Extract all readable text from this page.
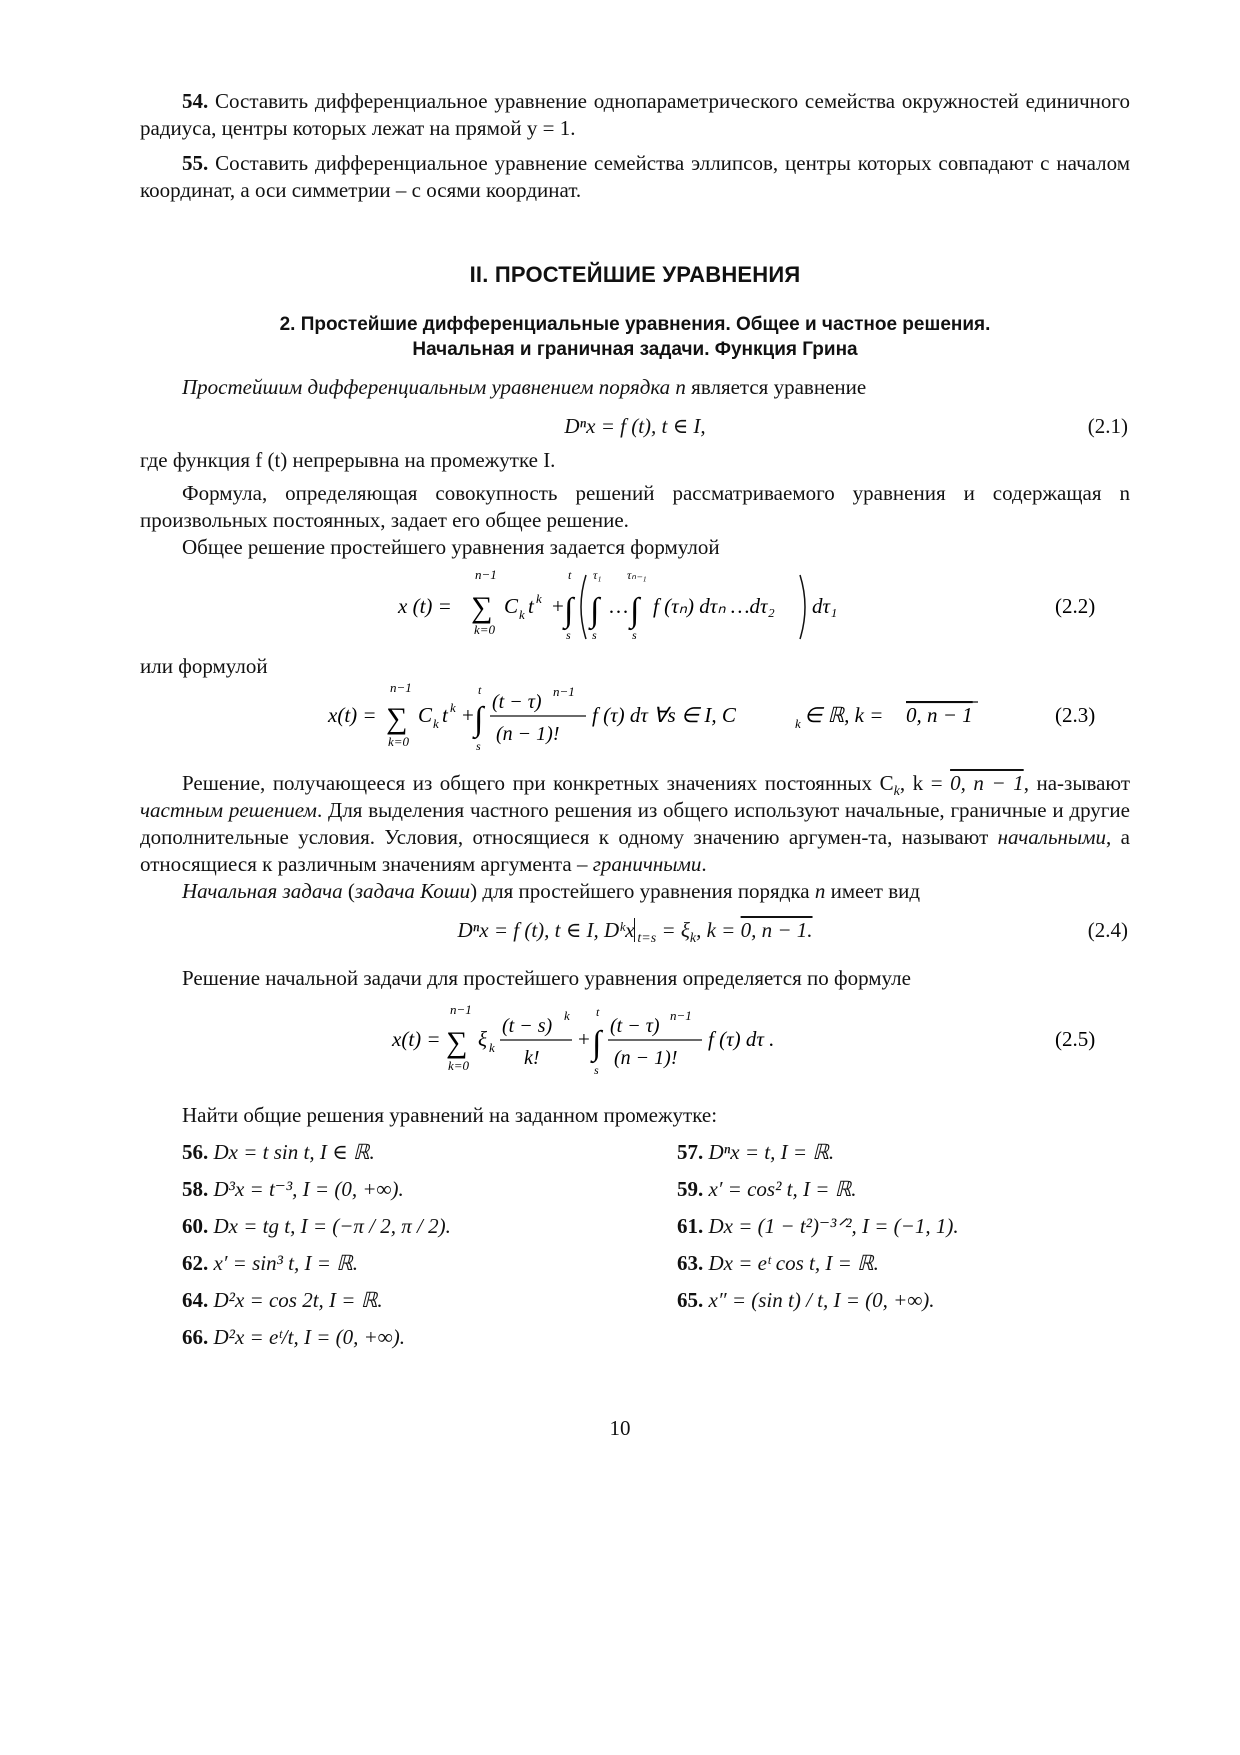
54. Составить дифференциальное уравнение однопараметрического семейства окружностей единичного радиуса, центры которых лежат на прямой y = 1.

55. Составить дифференциальное уравнение семейства эллипсов, центры которых совпадают с началом координат, а оси симметрии – с осями координат.

II. ПРОСТЕЙШИЕ УРАВНЕНИЯ
2. Простейшие дифференциальные уравнения. Общее и частное решения.
Начальная и граничная задачи. Функция Грина

Простейшим дифференциальным уравнением порядка n является уравнение

Dⁿx = f (t), t ∈ I,	(2.1)

где функция f (t) непрерывна на промежутке I.

Формула, определяющая совокупность решений рассматриваемого уравнения и содержащая n произвольных постоянных, задает его общее решение.

Общее решение простейшего уравнения задается формулой

x (t) =
n−1
∑
k=0
C k t k +
t
∫
s
τ₁
∫
s
…
τₙ₋₁
∫
s
f (τₙ) dτₙ …dτ₂ dτ₁	(2.2)

или формулой

x(t) =
n−1
∑
k=0
C k t k +
t
∫
s
(t − τ) n−1
(n − 1)!
f (τ) dτ ∀s ∈ I, C	k ∈ ℝ, k = 0, n − 1	(2.3)

Решение, получающееся из общего при конкретных значениях постоянных $C_k$, k = 0, n − 1, на-зывают частным решением. Для выделения частного решения из общего используют начальные, граничные и другие дополнительные условия. Условия, относящиеся к одному значению аргумен-та, называют начальными, а относящиеся к различным значениям аргумента – граничными.

Начальная задача (задача Коши) для простейшего уравнения порядка n имеет вид

Dⁿx = f (t), t ∈ I, Dᵏx $_{t=s} = \xi_k$, k = 0, n − 1.	(2.4)

Решение начальной задачи для простейшего уравнения определяется по формуле

x(t) =
n−1
∑
k=0
ξ k
(t − s) k
k!
+
t
∫
s
(t − τ) n−1
(n − 1)!
f (τ) dτ .	(2.5)

Найти общие решения уравнений на заданном промежутке:

56. Dx = t sin t, I ∈ ℝ.	57. Dⁿx = t, I = ℝ.
58. D³x = t⁻³, I = (0, +∞).	59. x′ = cos² t, I = ℝ.
60. Dx = tg t, I = (−π / 2, π / 2).	61. Dx = (1 − t²)⁻³ᐟ², I = (−1, 1).
62. x′ = sin³ t, I = ℝ.	63. Dx = eᵗ cos t, I = ℝ.
64. D²x = cos 2t, I = ℝ.	65. x″ = (sin t) / t, I = (0, +∞).
66. D²x = eᵗ/t, I = (0, +∞).
10
